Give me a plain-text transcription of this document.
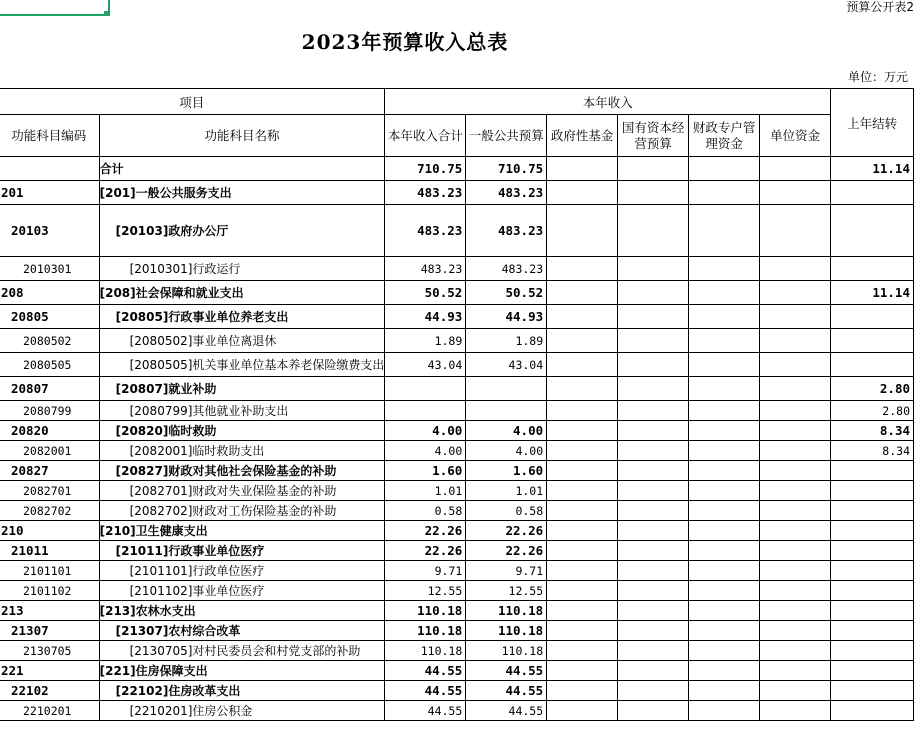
预算公开表2
2023年预算收入总表
单位：万元
项目		本年收入						上年结转
功能科目编码	功能科目名称	本年收入合计	一般公共预算	政府性基金	国有资本经营预算	财政专户管理资金	单位资金	
	合计	710.75	710.75					11.14
201	[201]一般公共服务支出	483.23	483.23					
20103	[20103]政府办公厅	483.23	483.23					
2010301	[2010301]行政运行	483.23	483.23					
208	[208]社会保障和就业支出	50.52	50.52					11.14
20805	[20805]行政事业单位养老支出	44.93	44.93					
2080502	[2080502]事业单位离退休	1.89	1.89					
2080505	[2080505]机关事业单位基本养老保险缴费支出	43.04	43.04					
20807	[20807]就业补助							2.80
2080799	[2080799]其他就业补助支出							2.80
20820	[20820]临时救助	4.00	4.00					8.34
2082001	[2082001]临时救助支出	4.00	4.00					8.34
20827	[20827]财政对其他社会保险基金的补助	1.60	1.60					
2082701	[2082701]财政对失业保险基金的补助	1.01	1.01					
2082702	[2082702]财政对工伤保险基金的补助	0.58	0.58					
210	[210]卫生健康支出	22.26	22.26					
21011	[21011]行政事业单位医疗	22.26	22.26					
2101101	[2101101]行政单位医疗	9.71	9.71					
2101102	[2101102]事业单位医疗	12.55	12.55					
213	[213]农林水支出	110.18	110.18					
21307	[21307]农村综合改革	110.18	110.18					
2130705	[2130705]对村民委员会和村党支部的补助	110.18	110.18					
221	[221]住房保障支出	44.55	44.55					
22102	[22102]住房改革支出	44.55	44.55					
2210201	[2210201]住房公积金	44.55	44.55					
